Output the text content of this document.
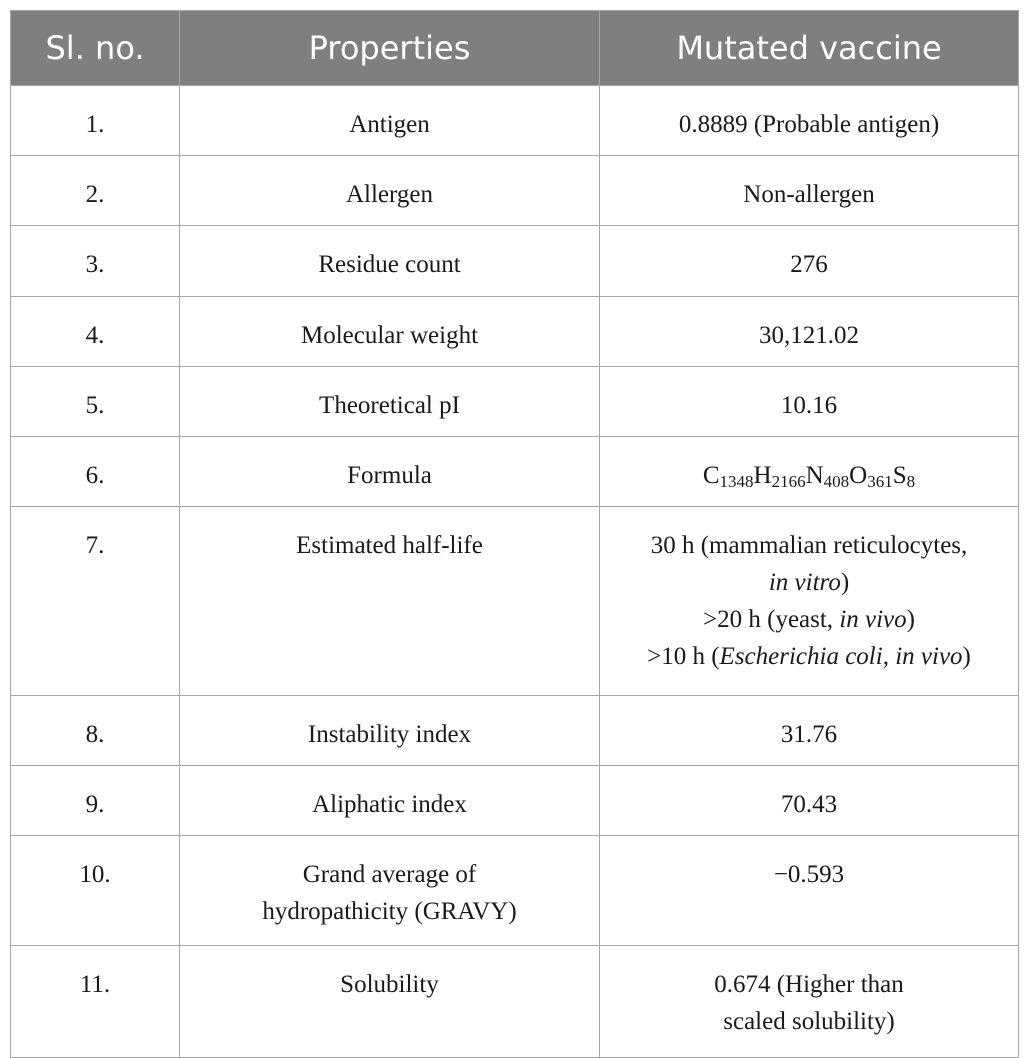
Sl. no.	Properties	Mutated vaccine
1.	Antigen	0.8889 (Probable antigen)
2.	Allergen	Non-allergen
3.	Residue count	276
4.	Molecular weight	30,121.02
5.	Theoretical pI	10.16
6.	Formula	$C_{1348}H_{2166}N_{408}O_{361}S_8$
7.	Estimated half-life	30 h (mammalian reticulocytes,
in vitro)
>20 h (yeast, in vivo)
>10 h (Escherichia coli, in vivo)

8.	Instability index	31.76
9.	Aliphatic index	70.43
10.	Grand average of
hydropathicity (GRAVY)	−0.593
11.	Solubility	0.674 (Higher than
scaled solubility)
